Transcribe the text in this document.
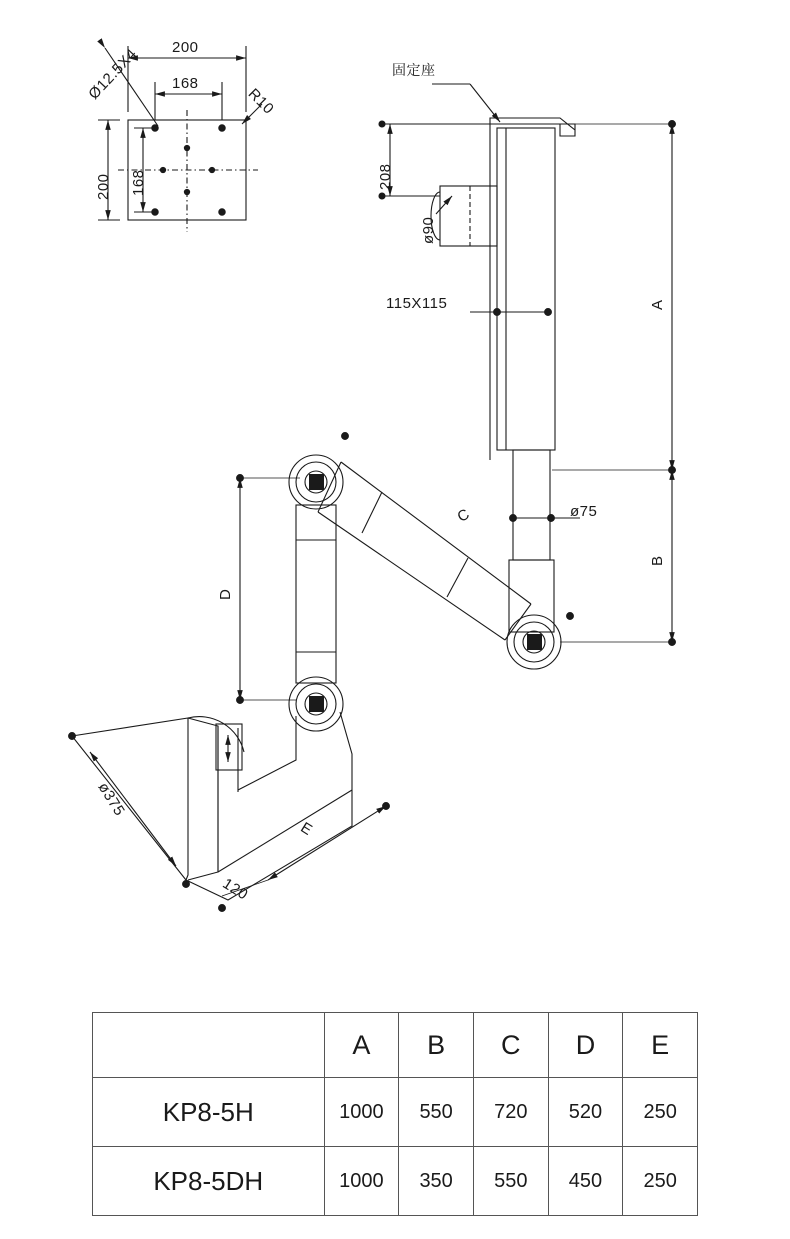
Ø12.5X4 200
168
R10
200 168
固定座
208
ø90
115X115
ø75
A
B
C
D
E
ø375
120
	A	B	C	D	E
KP8-5H	1000	550	720	520	250
KP8-5DH	1000	350	550	450	250
